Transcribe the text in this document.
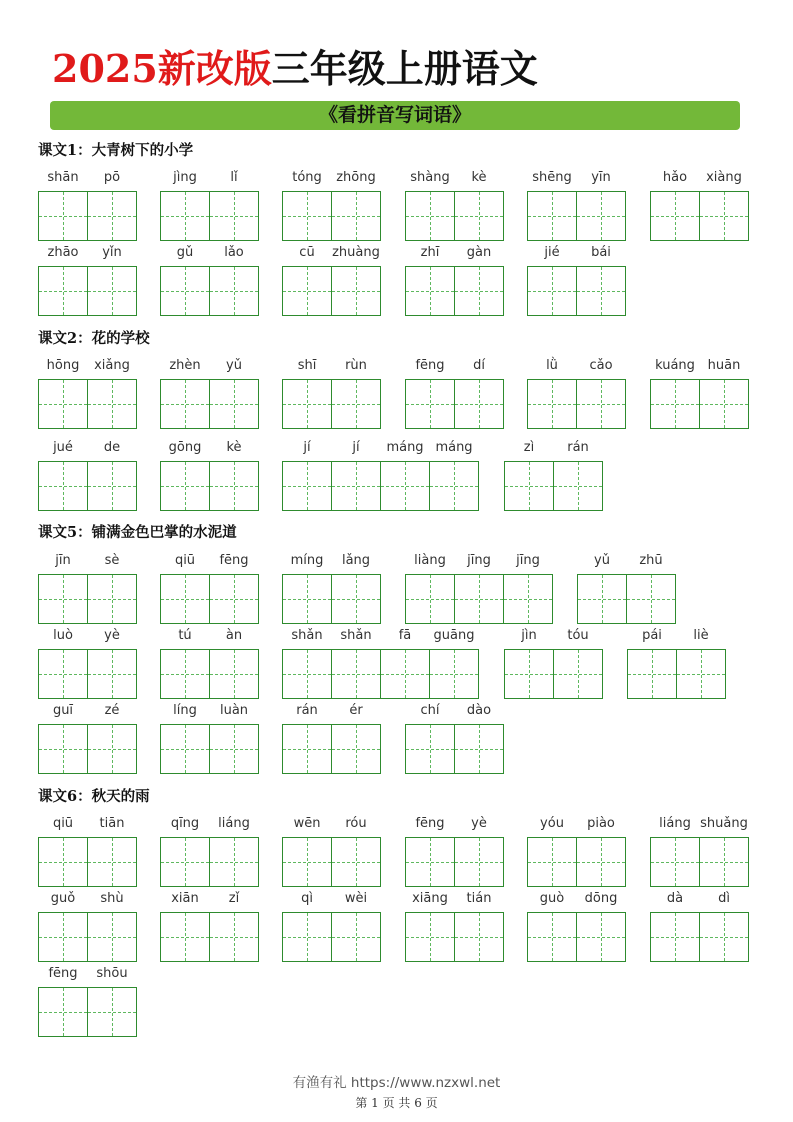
2025新改版三年级上册语文
《看拼音写词语》
课文1：大青树下的小学
shān	pō	jìng	lǐ	tóng	zhōng	shàng	kè	shēng	yīn	hǎo	xiàng
zhāo	yǐn	gǔ	lǎo	cū	zhuàng	zhī	gàn	jié	bái
课文2：花的学校
hōng	xiǎng	zhèn	yǔ	shī	rùn	fēng	dí	lǜ	cǎo	kuáng huān
jué	de	gōng	kè	jí	jí	máng máng	zì	rán
课文5：铺满金色巴掌的水泥道
jīn	sè	qiū	fēng	míng	lǎng	liàng	jīng	jīng	yǔ	zhū
luò	yè	tú	àn	shǎn	shǎn	fā	guāng	jìn	tóu	pái	liè
guī	zé	líng	luàn	rán	ér	chí	dào
课文6：秋天的雨
qiū	tiān	qīng	liáng	wēn	róu	fēng	yè	yóu	piào	liáng shuǎng
guǒ	shù	xiān	zǐ	qì	wèi	xiāng	tián	guò	dōng	dà	dì
fēng	shōu
有渔有礼 https://www.nzxwl.net
第 1 页 共 6 页
